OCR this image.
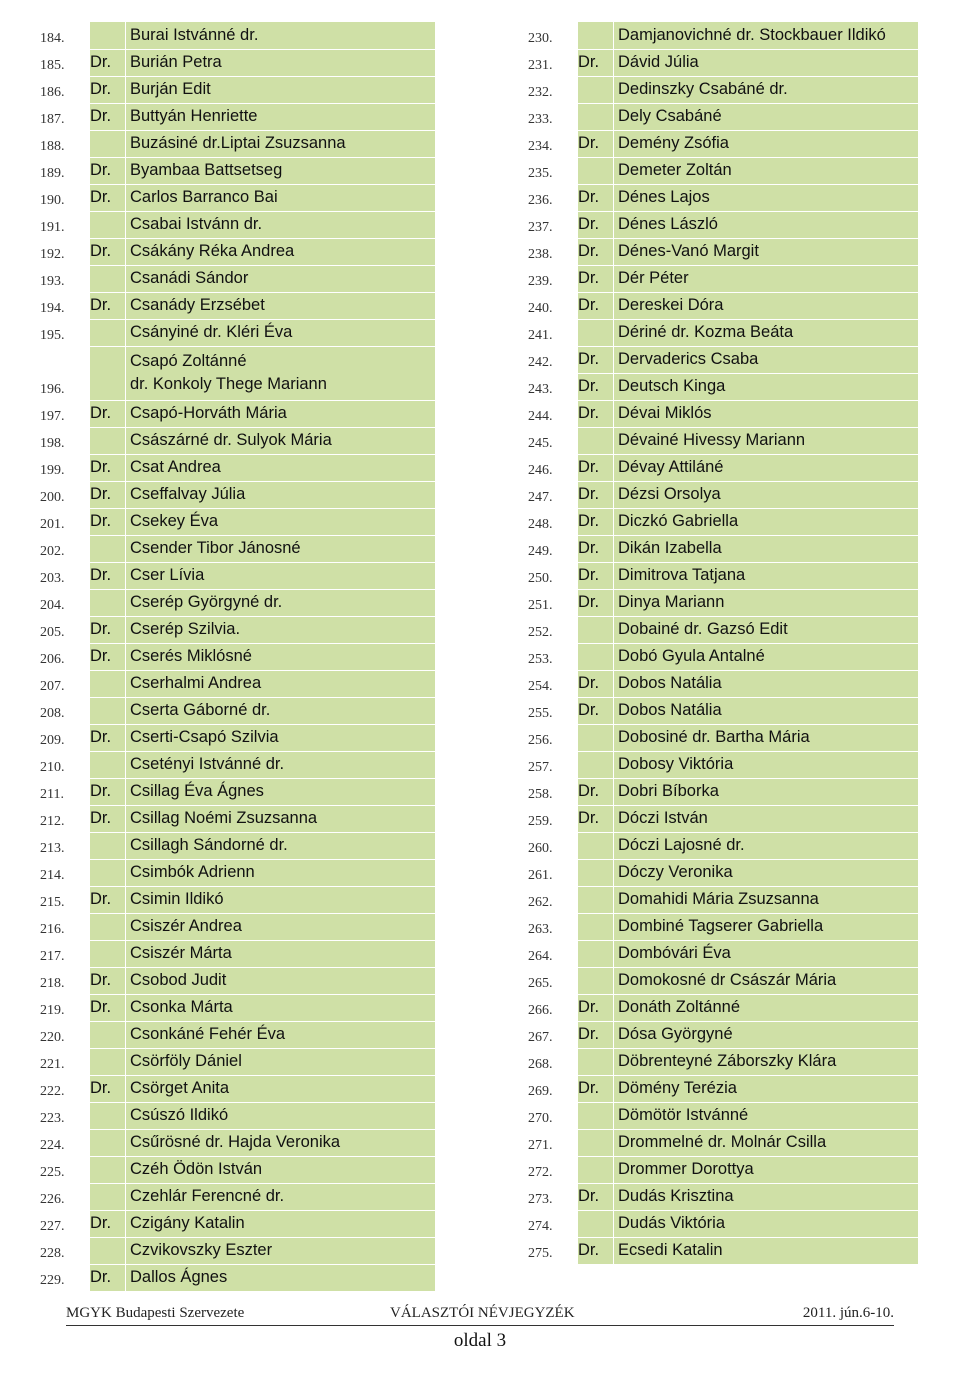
184.		Burai Istvánné dr.
185.	Dr.	Burián Petra
186.	Dr.	Burján Edit
187.	Dr.	Buttyán Henriette
188.		Buzásiné dr.Liptai Zsuzsanna
189.	Dr.	Byambaa Battsetseg
190.	Dr.	Carlos Barranco Bai
191.		Csabai Istvánn dr.
192.	Dr.	Csákány Réka Andrea
193.		Csanádi Sándor
194.	Dr.	Csanády Erzsébet
195.		Csányiné dr. Kléri Éva
196.		Csapó Zoltánné
dr. Konkoly Thege Mariann
197.	Dr.	Csapó-Horváth Mária
198.		Császárné dr. Sulyok Mária
199.	Dr.	Csat Andrea
200.	Dr.	Cseffalvay Júlia
201.	Dr.	Csekey Éva
202.		Csender Tibor Jánosné
203.	Dr.	Cser Lívia
204.		Cserép Györgyné dr.
205.	Dr.	Cserép Szilvia.
206.	Dr.	Cserés Miklósné
207.		Cserhalmi Andrea
208.		Cserta Gáborné dr.
209.	Dr.	Cserti-Csapó Szilvia
210.		Csetényi Istvánné dr.
211.	Dr.	Csillag Éva Ágnes
212.	Dr.	Csillag Noémi Zsuzsanna
213.		Csillagh Sándorné dr.
214.		Csimbók Adrienn
215.	Dr.	Csimin Ildikó
216.		Csiszér Andrea
217.		Csiszér Márta
218.	Dr.	Csobod Judit
219.	Dr.	Csonka Márta
220.		Csonkáné Fehér Éva
221.		Csörföly Dániel
222.	Dr.	Csörget Anita
223.		Csúszó Ildikó
224.		Csűrösné dr. Hajda Veronika
225.		Czéh Ödön István
226.		Czehlár Ferencné dr.
227.	Dr.	Czigány Katalin
228.		Czvikovszky Eszter
229.	Dr.	Dallos Ágnes
230.		Damjanovichné dr. Stockbauer Ildikó
231.	Dr.	Dávid Júlia
232.		Dedinszky Csabáné dr.
233.		Dely Csabáné
234.	Dr.	Demény Zsófia
235.		Demeter Zoltán
236.	Dr.	Dénes Lajos
237.	Dr.	Dénes László
238.	Dr.	Dénes-Vanó Margit
239.	Dr.	Dér Péter
240.	Dr.	Dereskei Dóra
241.		Dériné dr. Kozma Beáta
242.	Dr.	Dervaderics Csaba
243.	Dr.	Deutsch Kinga
244.	Dr.	Dévai Miklós
245.		Dévainé Hivessy Mariann
246.	Dr.	Dévay Attiláné
247.	Dr.	Dézsi Orsolya
248.	Dr.	Diczkó Gabriella
249.	Dr.	Dikán Izabella
250.	Dr.	Dimitrova Tatjana
251.	Dr.	Dinya Mariann
252.		Dobainé dr. Gazsó Edit
253.		Dobó Gyula Antalné
254.	Dr.	Dobos Natália
255.	Dr.	Dobos Natália
256.		Dobosiné dr. Bartha Mária
257.		Dobosy Viktória
258.	Dr.	Dobri Bíborka
259.	Dr.	Dóczi István
260.		Dóczi Lajosné dr.
261.		Dóczy Veronika
262.		Domahidi Mária Zsuzsanna
263.		Dombiné Tagserer Gabriella
264.		Dombóvári Éva
265.		Domokosné dr Császár Mária
266.	Dr.	Donáth Zoltánné
267.	Dr.	Dósa Györgyné
268.		Döbrenteyné Záborszky Klára
269.	Dr.	Dömény Terézia
270.		Dömötör Istvánné
271.		Drommelné dr. Molnár Csilla
272.		Drommer Dorottya
273.	Dr.	Dudás Krisztina
274.		Dudás Viktória
275.	Dr.	Ecsedi Katalin
MGYK Budapesti Szervezete	VÁLASZTÓI NÉVJEGYZÉK	2011. jún.6-10.
oldal 3
